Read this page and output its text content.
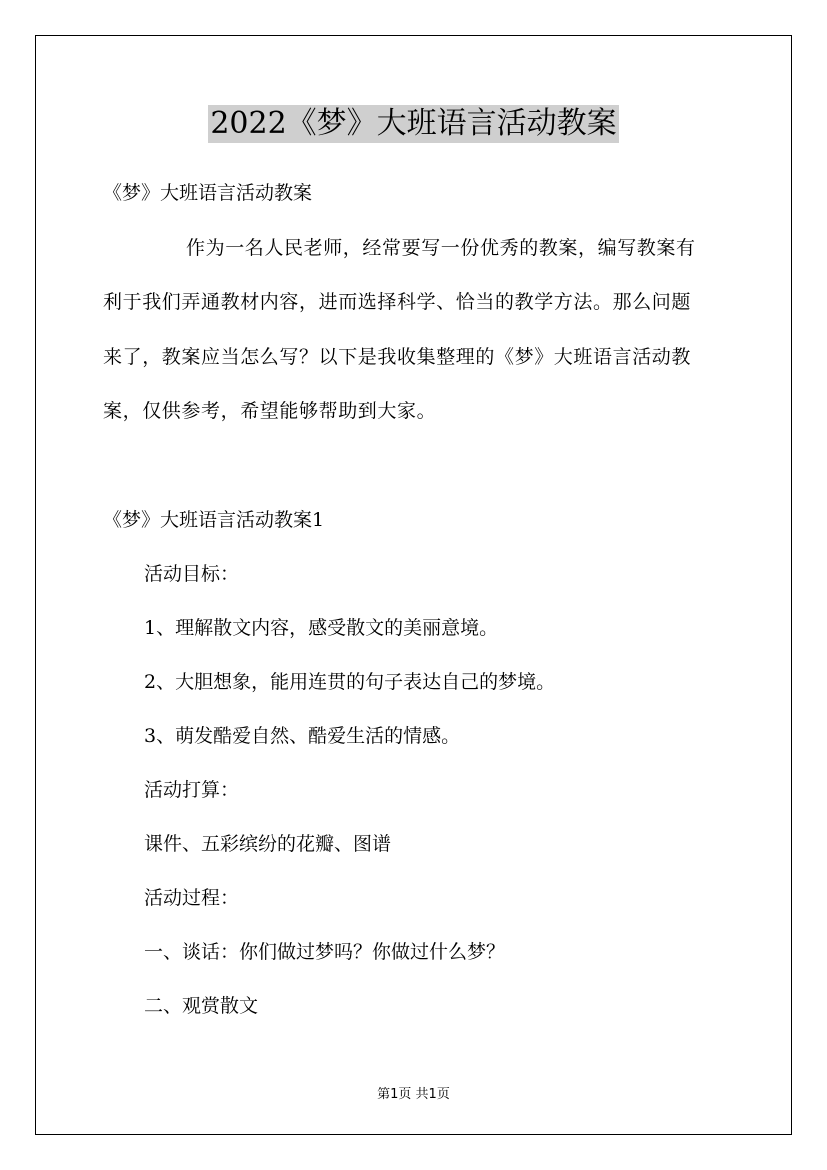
2022《梦》大班语言活动教案
《梦》大班语言活动教案
作为一名人民老师，经常要写一份优秀的教案，编写教案有
利于我们弄通教材内容，进而选择科学、恰当的教学方法。那么问题
来了，教案应当怎么写？以下是我收集整理的《梦》大班语言活动教
案，仅供参考，希望能够帮助到大家。
《梦》大班语言活动教案1
活动目标：
1、理解散文内容，感受散文的美丽意境。
2、大胆想象，能用连贯的句子表达自己的梦境。
3、萌发酷爱自然、酷爱生活的情感。
活动打算：
课件、五彩缤纷的花瓣、图谱
活动过程：
一、谈话：你们做过梦吗？你做过什么梦？
二、观赏散文
第1页 共1页
